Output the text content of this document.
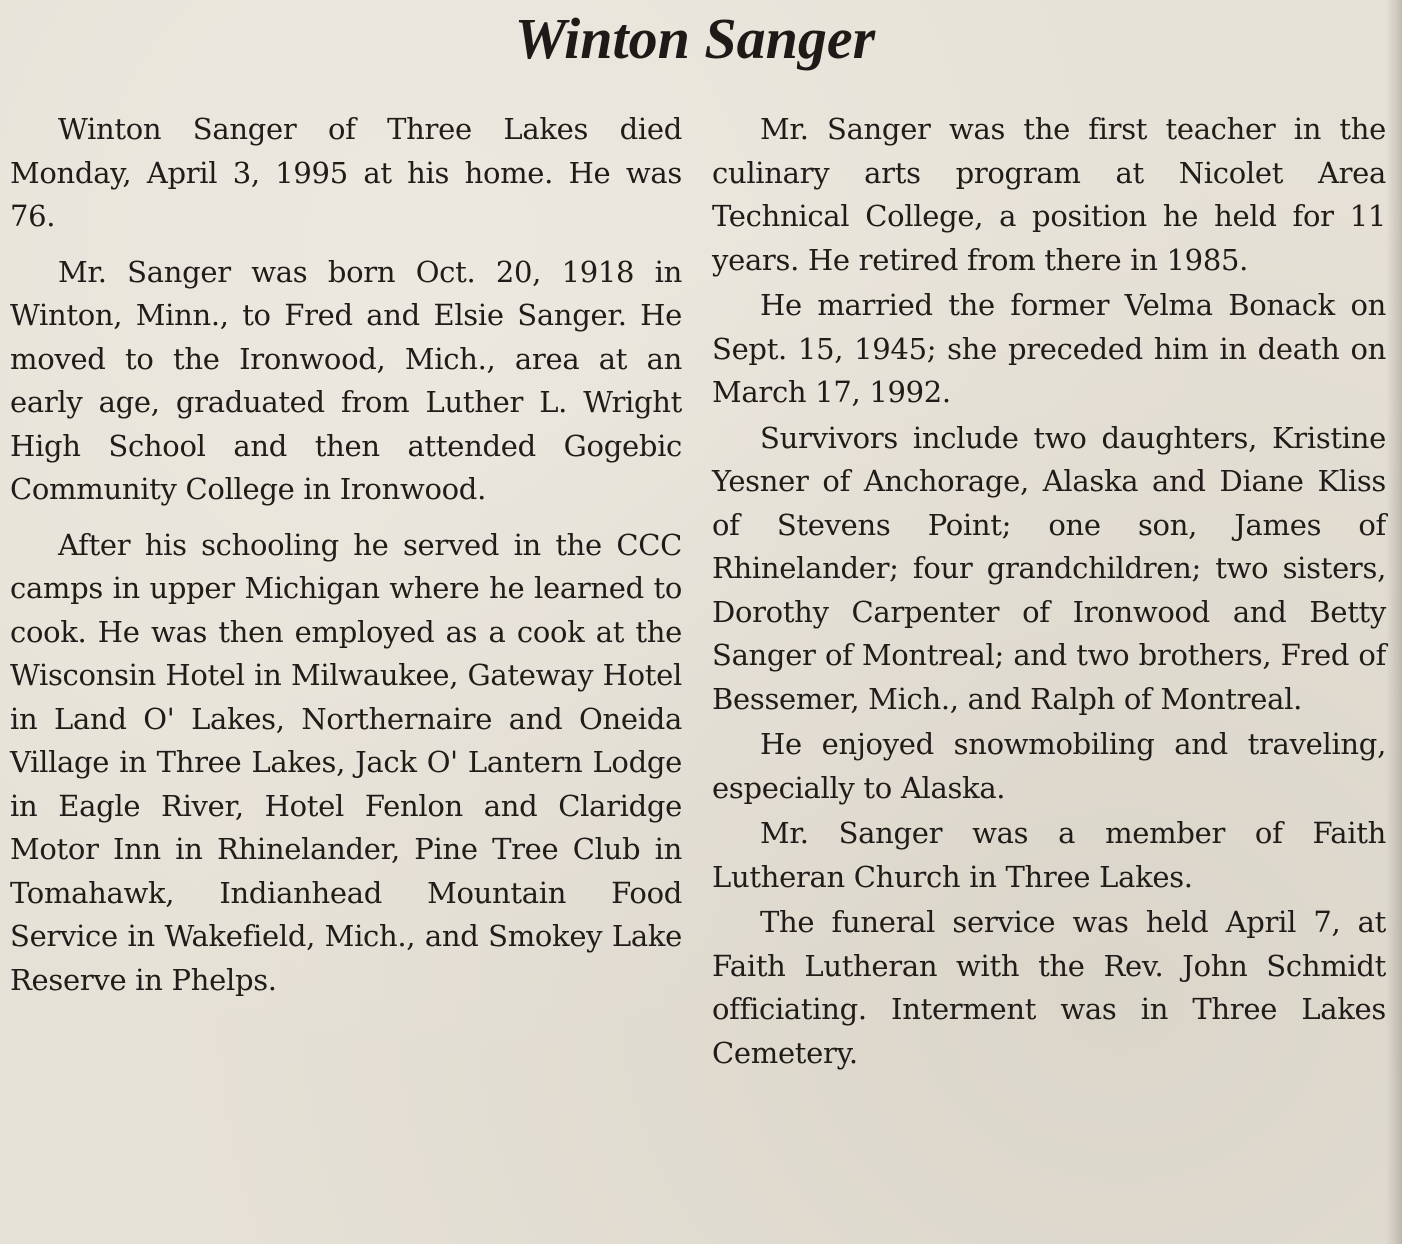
Winton Sanger

Winton Sanger of Three Lakes died Monday, April 3, 1995 at his home. He was 76.

Mr. Sanger was born Oct. 20, 1918 in Winton, Minn., to Fred and Elsie Sanger. He moved to the Ironwood, Mich., area at an early age, graduated from Luther L. Wright High School and then attended Gogebic Community College in Ironwood.

After his schooling he served in the CCC camps in upper Michigan where he learned to cook. He was then employed as a cook at the Wisconsin Hotel in Milwaukee, Gateway Hotel in Land O' Lakes, Northernaire and Oneida Village in Three Lakes, Jack O' Lantern Lodge in Eagle River, Hotel Fenlon and Claridge Motor Inn in Rhinelander, Pine Tree Club in Tomahawk, Indianhead Mountain Food Service in Wakefield, Mich., and Smokey Lake Reserve in Phelps.

Mr. Sanger was the first teacher in the culinary arts program at Nicolet Area Technical College, a position he held for 11 years. He retired from there in 1985.

He married the former Velma Bonack on Sept. 15, 1945; she preceded him in death on March 17, 1992.

Survivors include two daughters, Kristine Yesner of Anchorage, Alaska and Diane Kliss of Stevens Point; one son, James of Rhinelander; four grandchildren; two sisters, Dorothy Carpenter of Ironwood and Betty Sanger of Montreal; and two brothers, Fred of Bessemer, Mich., and Ralph of Montreal.

He enjoyed snowmobiling and traveling, especially to Alaska.

Mr. Sanger was a member of Faith Lutheran Church in Three Lakes.

The funeral service was held April 7, at Faith Lutheran with the Rev. John Schmidt officiating. Interment was in Three Lakes Cemetery.
